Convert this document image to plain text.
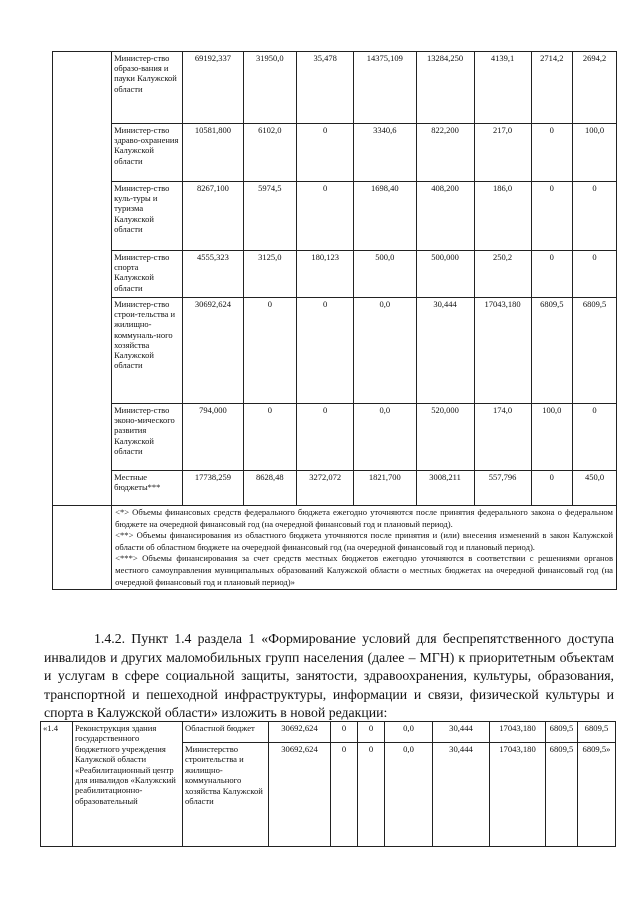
	Министер-ство образо-вания и пауки Калужской области	69192,337	31950,0	35,478	14375,109	13284,250	4139,1	2714,2	2694,2
	Министер-ство здраво-охранения Калужской области	10581,800	6102,0	0	3340,6	822,200	217,0	0	100,0
	Министер-ство куль-туры и туризма Калужской области	8267,100	5974,5	0	1698,40	408,200	186,0	0	0
	Министер-ство спорта Калужской области	4555,323	3125,0	180,123	500,0	500,000	250,2	0	0
	Министер-ство строи-тельства и жилищно-коммуналь-ного хозяйства Калужской области	30692,624	0	0	0,0	30,444	17043,180	6809,5	6809,5
	Министер-ство эконо-мического развития Калужской области	794,000	0	0	0,0	520,000	174,0	100,0	0
	Местные бюджеты***	17738,259	8628,48	3272,072	1821,700	3008,211	557,796	0	450,0

	<*> Объемы финансовых средств федерального бюджета ежегодно уточняются после принятия федерального закона о федеральном бюджете на очередной финансовый год (на очередной финансовый год и плановый период).
<**> Объемы финансирования из областного бюджета уточняются после принятия и (или) внесения изменений в закон Калужской области об областном бюджете на очередной финансовый год (на очередной финансовый год и плановый период).
<***> Объемы финансирования за счет средств местных бюджетов ежегодно уточняются в соответствии с решениями органов местного самоуправления муниципальных образований Калужской области о местных бюджетах на очередной финансовый год (на очередной финансовый год и плановый период)»								
1.4.2. Пункт 1.4 раздела 1 «Формирование условий для беспрепятственного доступа инвалидов и других маломобильных групп населения (далее – МГН) к приоритетным объектам и услугам в сфере социальной защиты, занятости, здравоохранения, культуры, образования, транспортной и пешеходной инфраструктуры, информации и связи, физической культуры и спорта в Калужской области» изложить в новой редакции:
«1.4	Реконструкция здания государственного бюджетного учреждения Калужской области «Реабилитационный центр для инвалидов «Калужский реабилитационно-образовательный	Областной бюджет	30692,624	0	0	0,0	30,444	17043,180	6809,5	6809,5
		Министерство строительства и жилищно-коммунального хозяйства Калужской области	30692,624	0	0	0,0	30,444	17043,180	6809,5	6809,5»
